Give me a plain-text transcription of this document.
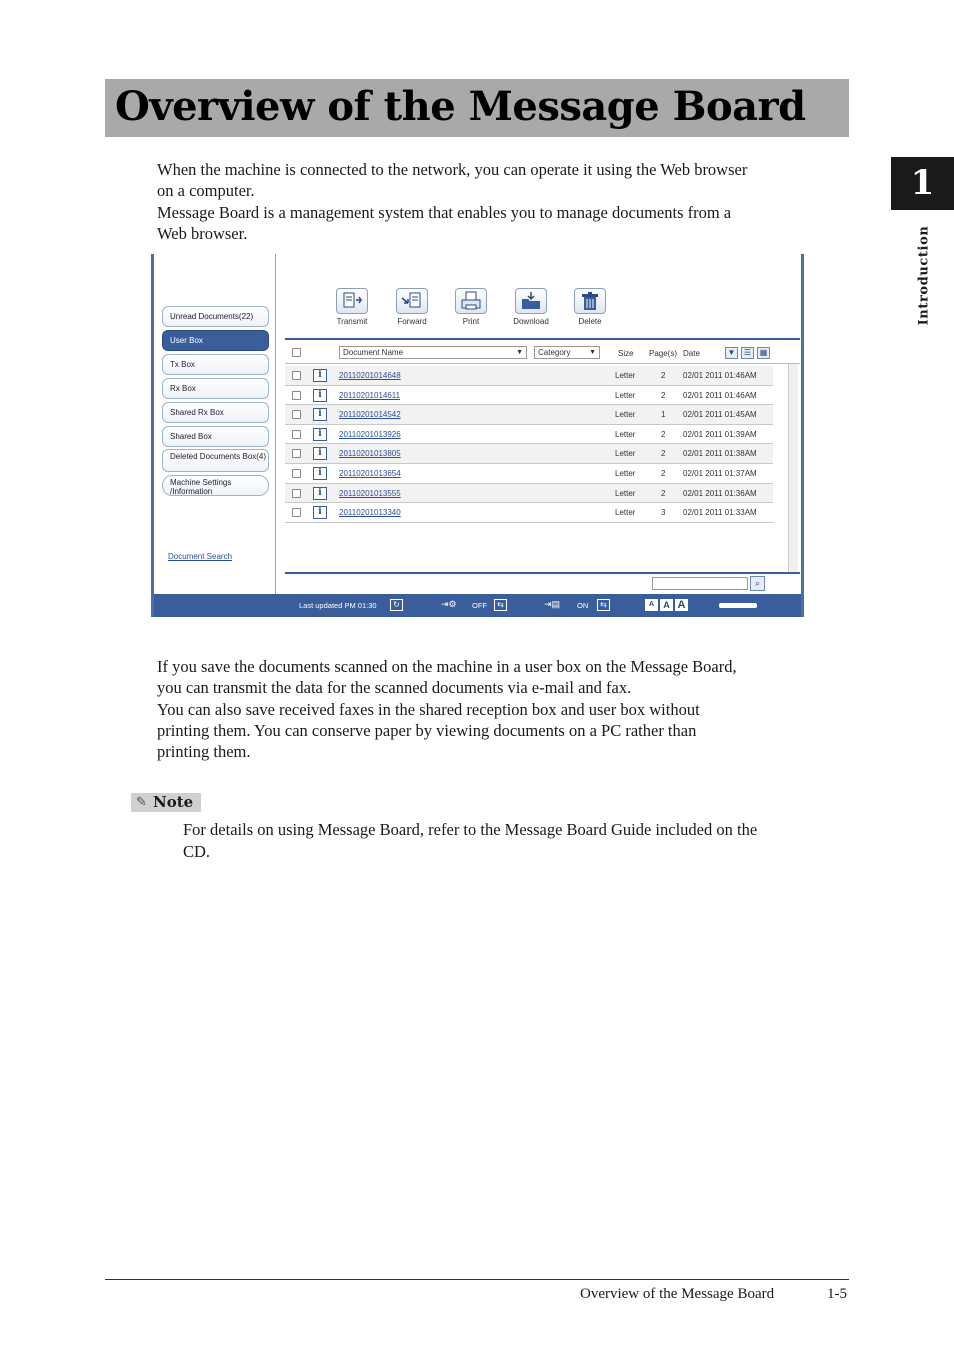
Overview of the Message Board
1
Introduction

When the machine is connected to the network, you can operate it using the Web browser

on a computer.

Message Board is a management system that enables you to manage documents from a

Web browser.

Unread Documents(22)
User Box
Tx Box
Rx Box
Shared Rx Box
Shared Box
Deleted Documents Box(4)
Machine Settings /Information
Document Search
Transmit	Forward	Print	Download	Delete
Document Name	▼	Category	▼	Size Page(s) Date	▼	☰	▦
i	20110201014648	Letter	2 02/01 2011 01:46AM
i	20110201014611	Letter	2 02/01 2011 01:46AM
i	20110201014542	Letter	1 02/01 2011 01:45AM
i	20110201013926	Letter	2 02/01 2011 01:39AM
i	20110201013805	Letter	2 02/01 2011 01:38AM
i	20110201013654	Letter	2 02/01 2011 01:37AM
i	20110201013555	Letter	2 02/01 2011 01:36AM
i	20110201013340	Letter	3 02/01 2011 01:33AM
⌕
Last updated PM 01:30	↻	⇥⚙ OFF	⇆	⇥▤ ON	⇆	A	A A

If you save the documents scanned on the machine in a user box on the Message Board,

you can transmit the data for the scanned documents via e-mail and fax.

You can also save received faxes in the shared reception box and user box without

printing them. You can conserve paper by viewing documents on a PC rather than

printing them.

✎ Note

For details on using Message Board, refer to the Message Board Guide included on the

CD.

Overview of the Message Board	1-5
